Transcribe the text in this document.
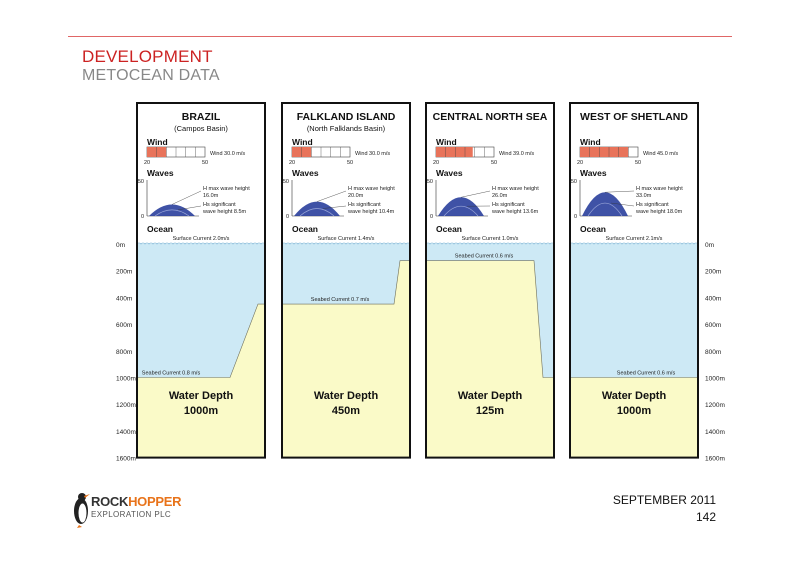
DEVELOPMENT
METOCEAN DATA
0m	0m
200m	200m
400m	400m
600m	600m
800m	800m
1000m	1000m
1200m	1200m
1400m	1400m
1600m	1600m
BRAZIL
(Campos Basin)
Wind
20	50
Wind 30.0 m/s
Waves
50
0
H max wave height
16.0m
Hs significant
wave height 8.5m
Ocean
Surface Current 2.0m/s
Seabed Current 0.8 m/s
Water Depth
1000m
FALKLAND ISLAND
(North Falklands Basin)
Wind
20	50
Wind 30.0 m/s
Waves
50
0
H max wave height
20.0m
Hs significant
wave height 10.4m
Ocean
Surface Current 1.4m/s
Seabed Current 0.7 m/s
Water Depth
450m
CENTRAL NORTH SEA
Wind
20	50
Wind 39.0 m/s
Waves
50
0
H max wave height
26.0m
Hs significant
wave height 13.6m
Ocean
Surface Current 1.0m/s
Seabed Current 0.6 m/s
Water Depth
125m
WEST OF SHETLAND
Wind
20	50
Wind 45.0 m/s
Waves
50
0
H max wave height
33.0m
Hs significant
wave height 18.0m
Ocean
Surface Current 2.1m/s
Seabed Current 0.6 m/s
Water Depth
1000m
ROCKHOPPER
EXPLORATION PLC
SEPTEMBER 2011
142
